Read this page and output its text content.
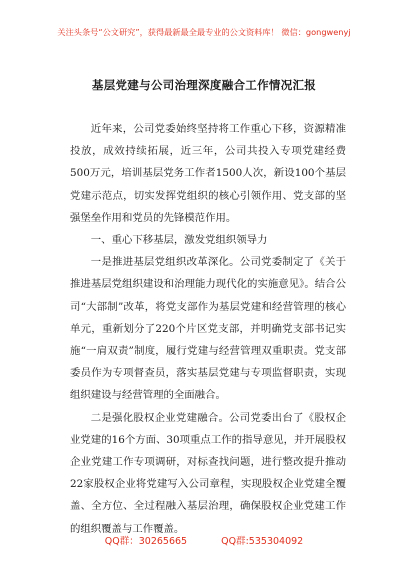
关注头条号“公文研究”，获得最新最全最专业的公文资料库！ 微信：gongwenyj
基层党建与公司治理深度融合工作情况汇报

近年来，公司党委始终坚持将工作重心下移，资源精准投放，成效持续拓展，近三年，公司共投入专项党建经费500万元，培训基层党务工作者1500人次，新设100个基层党建示范点，切实发挥党组织的核心引领作用、党支部的坚强堡垒作用和党员的先锋模范作用。

一、重心下移基层，激发党组织领导力

一是推进基层党组织改革深化。公司党委制定了《关于推进基层党组织建设和治理能力现代化的实施意见》。结合公司“大部制”改革，将党支部作为基层党建和经营管理的核心单元，重新划分了220个片区党支部，并明确党支部书记实施“一肩双责”制度，履行党建与经营管理双重职责。党支部委员作为专项督查员，落实基层党建与专项监督职责，实现组织建设与经营管理的全面融合。

二是强化股权企业党建融合。公司党委出台了《股权企业党建的16个方面、30项重点工作的指导意见，并开展股权企业党建工作专项调研，对标查找问题，进行整改提升推动22家股权企业将党建写入公司章程，实现股权企业党建全覆盖、全方位、全过程融入基层治理，确保股权企业党建工作的组织覆盖与工作覆盖。

QQ群：30265665	QQ群:535304092
